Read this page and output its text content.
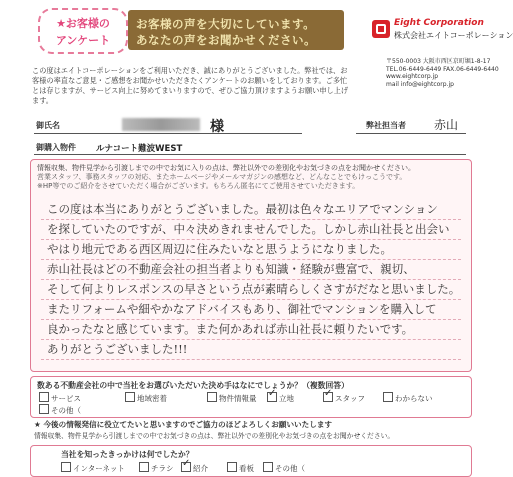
★お客様の
アンケート
お客様の声を大切にしています。
あなたの声をお聞かせください。
Eight Corporation
株式会社エイトコーポレーション
〒550-0003 大阪市西区京町堀1-8-17
TEL.06-6449-6449 FAX.06-6449-6440
www.eightcorp.jp
mail info@eightcorp.jp
この度はエイトコーポレーションをご利用いただき、誠にありがとうございました。弊社では、お客様の率直なご意見・ご感想をお聞かせいただきたくアンケートのお願いをしております。ご多忙とは存じますが、サービス向上に努めてまいりますので、ぜひご協力頂けますようお願い申し上げます。
御氏名	様	弊社担当者 赤山
御購入物件 ルナコート難波WEST
情報収集、物件見学から引渡しまでの中でお気に入りの点は、弊社以外での差別化やお気づきの点をお聞かせください。
営業スタッフ、事務スタッフの対応、またホームページやメールマガジンの感想など、どんなことでもけっこうです。
※HP等でのご紹介をさせていただく場合がございます。もちろん匿名にてご使用させていただきます。
この度は本当にありがとうございました。最初は色々なエリアでマンション
を探していたのですが、中々決めきれませんでした。しかし赤山社長と出会い
やはり地元である西区周辺に住みたいなと思うようになりました。
赤山社長はどの不動産会社の担当者よりも知識・経験が豊富で、親切、
そして何よりレスポンスの早さという点が素晴らしくさすがだなと思いました。
またリフォームや細やかなアドバイスもあり、御社でマンションを購入して
良かったなと感じています。また何かあれば赤山社長に頼りたいです。
ありがとうございました!!!
数ある不動産会社の中で当社をお選びいただいた決め手はなにでしょうか？（複数回答）
サービス	地域密着	物件情報量 ✓	立地 ✓	スタッフ	わからない
その他（
★ 今後の情報発信に役立てたいと思いますのでご協力のほどよろしくお願いいたします
情報収集、物件見学から引渡しまでの中でお気づきの点は、弊社以外での差別化やお気づきの点をお聞かせください。
当社を知ったきっかけは何でしたか？
インターネット	チラシ ✓	紹介	看板	その他（
